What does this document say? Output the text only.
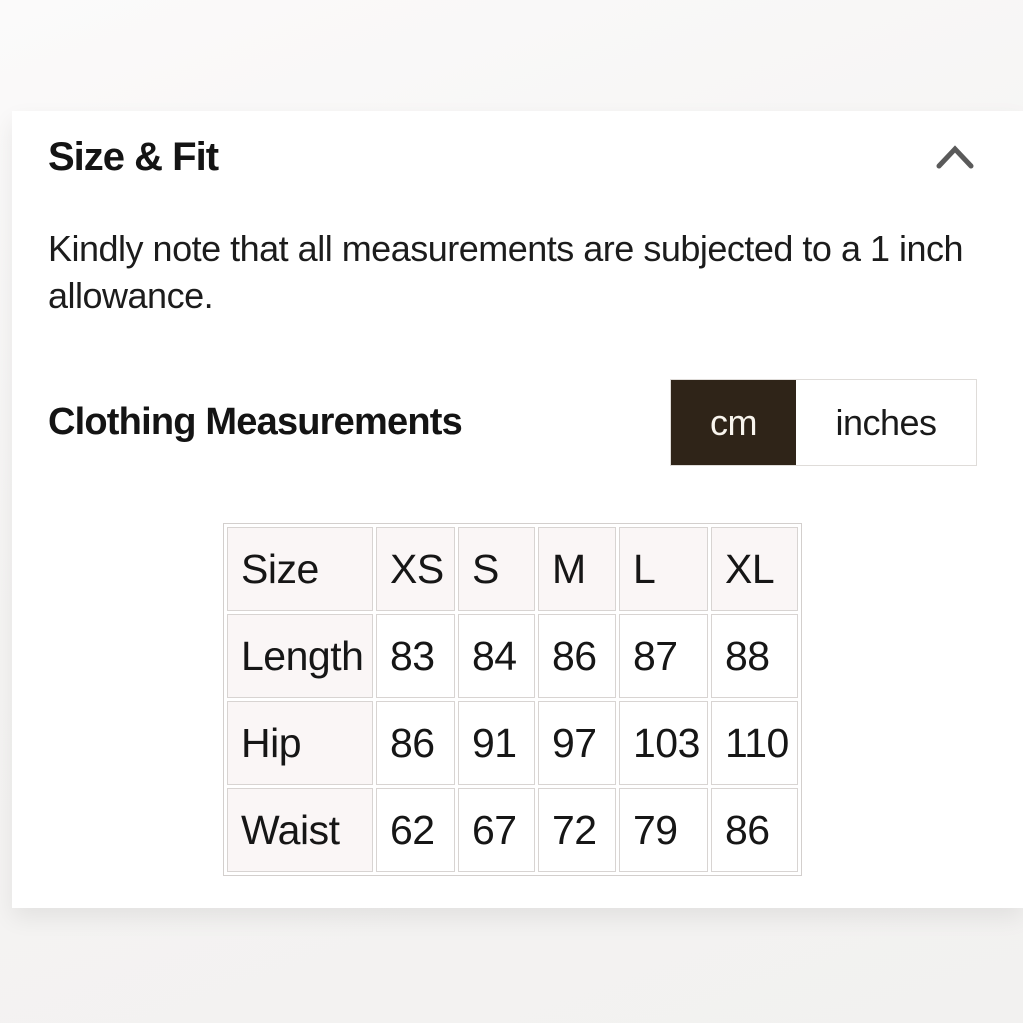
Size & Fit

Kindly note that all measurements are subjected to a 1 inch allowance.

Clothing Measurements	cm	inches
Size	XS	S	M	L	XL
Length	83	84	86	87	88
Hip	86	91	97	103	110
Waist	62	67	72	79	86
